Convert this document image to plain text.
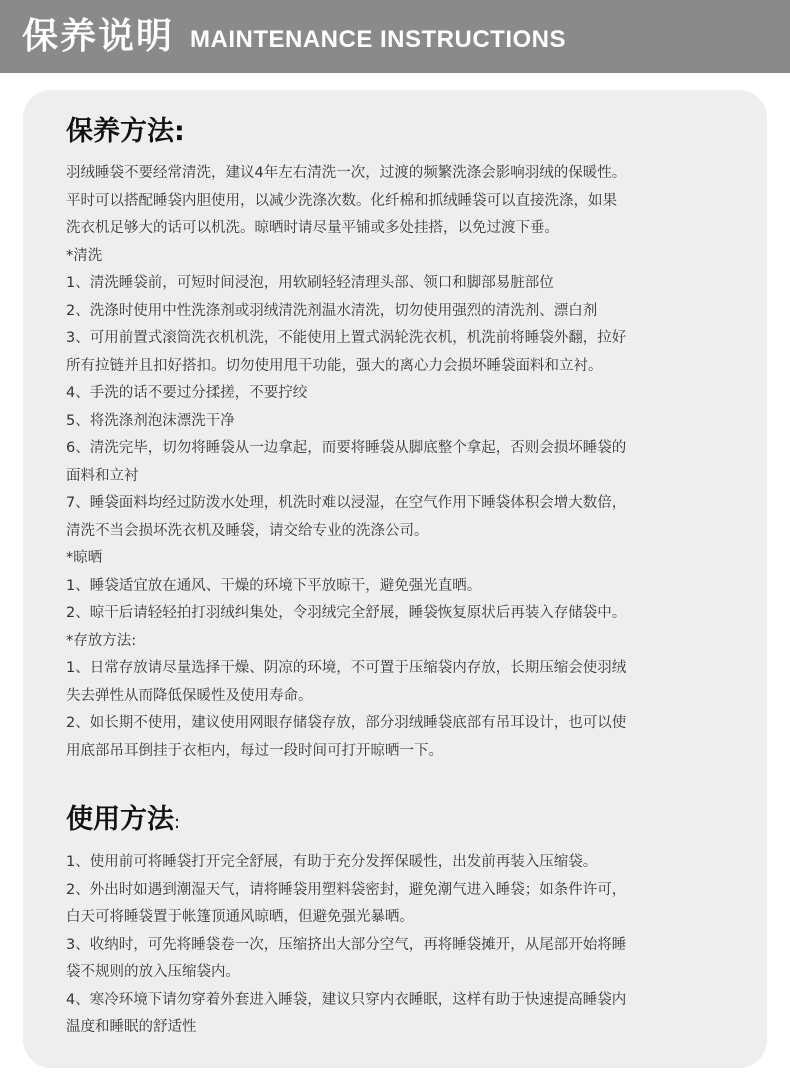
保养说明 MAINTENANCE INSTRUCTIONS
保养方法:
羽绒睡袋不要经常清洗，建议4年左右清洗一次，过渡的频繁洗涤会影响羽绒的保暖性。
平时可以搭配睡袋内胆使用，以减少洗涤次数。化纤棉和抓绒睡袋可以直接洗涤，如果
洗衣机足够大的话可以机洗。晾晒时请尽量平铺或多处挂搭，以免过渡下垂。
*清洗
1、清洗睡袋前，可短时间浸泡，用软刷轻轻清理头部、领口和脚部易脏部位
2、洗涤时使用中性洗涤剂或羽绒清洗剂温水清洗，切勿使用强烈的清洗剂、漂白剂
3、可用前置式滚筒洗衣机机洗，不能使用上置式涡轮洗衣机，机洗前将睡袋外翻，拉好
所有拉链并且扣好搭扣。切勿使用甩干功能，强大的离心力会损坏睡袋面料和立衬。
4、手洗的话不要过分揉搓，不要拧绞
5、将洗涤剂泡沫漂洗干净
6、清洗完毕，切勿将睡袋从一边拿起，而要将睡袋从脚底整个拿起，否则会损坏睡袋的
面料和立衬
7、睡袋面料均经过防泼水处理，机洗时难以浸湿，在空气作用下睡袋体积会增大数倍，
清洗不当会损坏洗衣机及睡袋，请交给专业的洗涤公司。
*晾晒
1、睡袋适宜放在通风、干燥的环境下平放晾干，避免强光直晒。
2、晾干后请轻轻拍打羽绒纠集处，令羽绒完全舒展，睡袋恢复原状后再装入存储袋中。
*存放方法:
1、日常存放请尽量选择干燥、阴凉的环境，不可置于压缩袋内存放，长期压缩会使羽绒
失去弹性从而降低保暖性及使用寿命。
2、如长期不使用，建议使用网眼存储袋存放，部分羽绒睡袋底部有吊耳设计，也可以使
用底部吊耳倒挂于衣柜内，每过一段时间可打开晾晒一下。
使用方法:
1、使用前可将睡袋打开完全舒展，有助于充分发挥保暖性，出发前再装入压缩袋。
2、外出时如遇到潮湿天气，请将睡袋用塑料袋密封，避免潮气进入睡袋；如条件许可，
白天可将睡袋置于帐篷顶通风晾晒，但避免强光暴晒。
3、收纳时，可先将睡袋卷一次，压缩挤出大部分空气，再将睡袋摊开，从尾部开始将睡
袋不规则的放入压缩袋内。
4、寒冷环境下请勿穿着外套进入睡袋，建议只穿内衣睡眠，这样有助于快速提高睡袋内
温度和睡眠的舒适性
